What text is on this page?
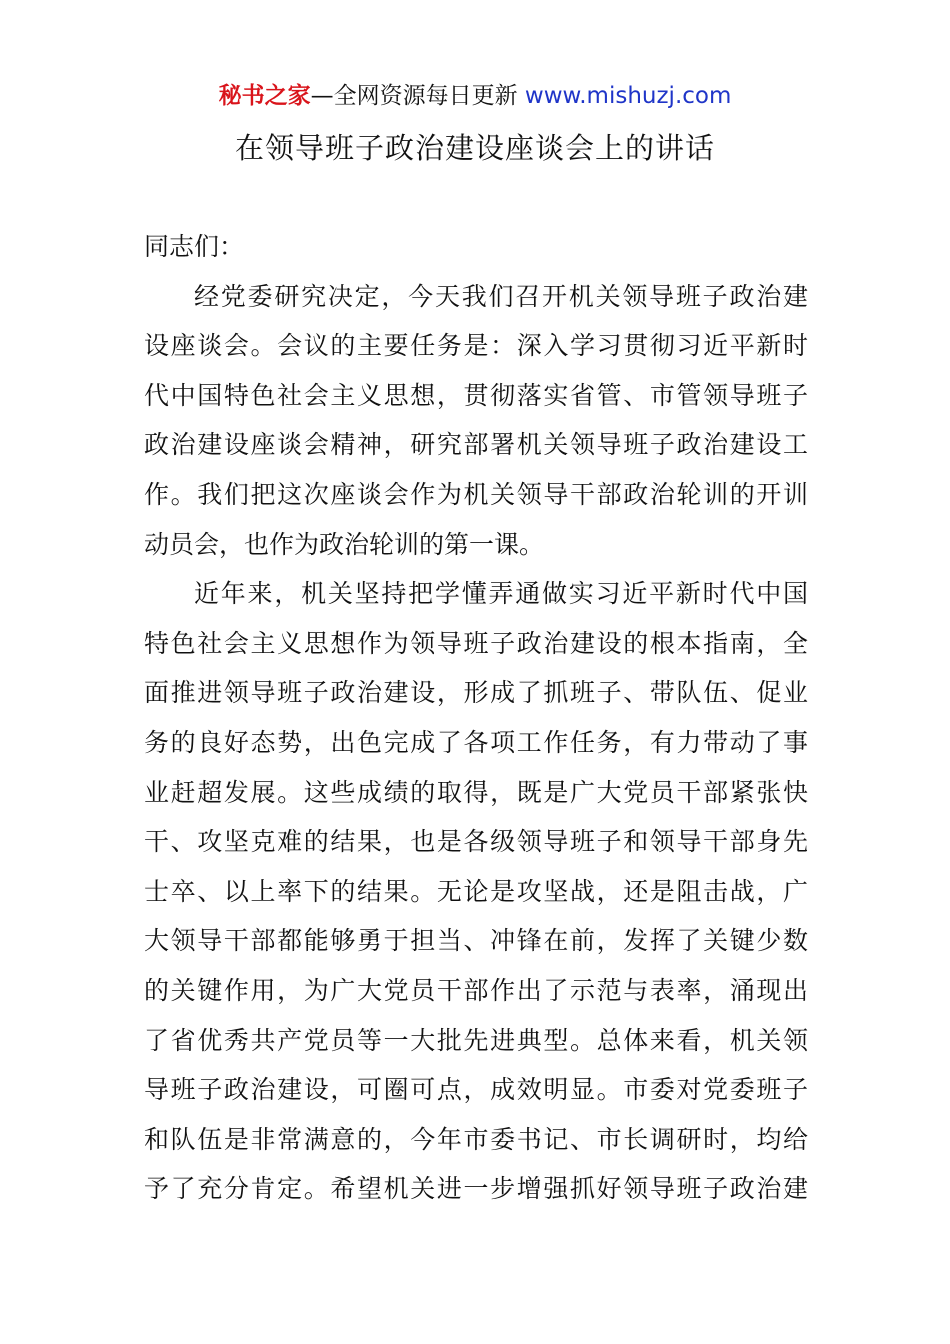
秘书之家—全网资源每日更新 www.mishuzj.com
在领导班子政治建设座谈会上的讲话
同志们：
经党委研究决定，今天我们召开机关领导班子政治建
设座谈会。会议的主要任务是：深入学习贯彻习近平新时
代中国特色社会主义思想，贯彻落实省管、市管领导班子
政治建设座谈会精神，研究部署机关领导班子政治建设工
作。我们把这次座谈会作为机关领导干部政治轮训的开训
动员会，也作为政治轮训的第一课。
近年来，机关坚持把学懂弄通做实习近平新时代中国
特色社会主义思想作为领导班子政治建设的根本指南，全
面推进领导班子政治建设，形成了抓班子、带队伍、促业
务的良好态势，出色完成了各项工作任务，有力带动了事
业赶超发展。这些成绩的取得，既是广大党员干部紧张快
干、攻坚克难的结果，也是各级领导班子和领导干部身先
士卒、以上率下的结果。无论是攻坚战，还是阻击战，广
大领导干部都能够勇于担当、冲锋在前，发挥了关键少数
的关键作用，为广大党员干部作出了示范与表率，涌现出
了省优秀共产党员等一大批先进典型。总体来看，机关领
导班子政治建设，可圈可点，成效明显。市委对党委班子
和队伍是非常满意的，今年市委书记、市长调研时，均给
予了充分肯定。希望机关进一步增强抓好领导班子政治建
